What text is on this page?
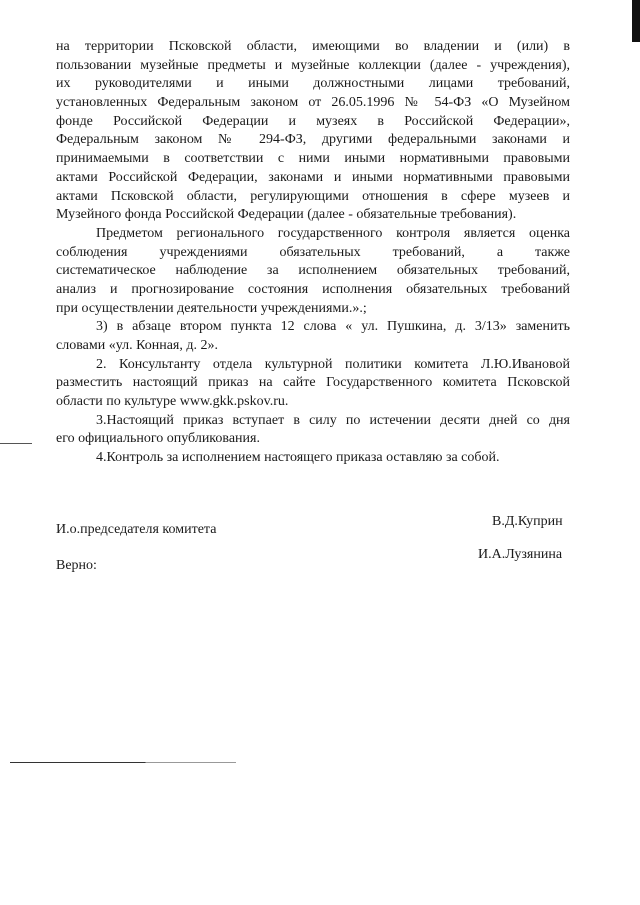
на территории Псковской области, имеющими во владении и (или) в
пользовании музейные предметы и музейные коллекции (далее - учреждения),
их руководителями и иными должностными лицами требований,
установленных Федеральным законом от 26.05.1996 № 54-ФЗ «О Музейном
фонде Российской Федерации и музеях в Российской Федерации»,
Федеральным законом № 294-ФЗ, другими федеральными законами и
принимаемыми в соответствии с ними иными нормативными правовыми
актами Российской Федерации, законами и иными нормативными правовыми
актами Псковской области, регулирующими отношения в сфере музеев и
Музейного фонда Российской Федерации (далее - обязательные требования).
Предметом регионального государственного контроля является оценка
соблюдения учреждениями обязательных требований, а также
систематическое наблюдение за исполнением обязательных требований,
анализ и прогнозирование состояния исполнения обязательных требований
при осуществлении деятельности учреждениями.».;
3) в абзаце втором пункта 12 слова « ул. Пушкина, д. 3/13» заменить
словами «ул. Конная, д. 2».
2. Консультанту отдела культурной политики комитета Л.Ю.Ивановой
разместить настоящий приказ на сайте Государственного комитета Псковской
области по культуре www.gkk.pskov.ru.
3.Настоящий приказ вступает в силу по истечении десяти дней со дня
его официального опубликования.
4.Контроль за исполнением настоящего приказа оставляю за собой.
В.Д.Куприн
И.о.председателя комитета
И.А.Лузянина
Верно:
